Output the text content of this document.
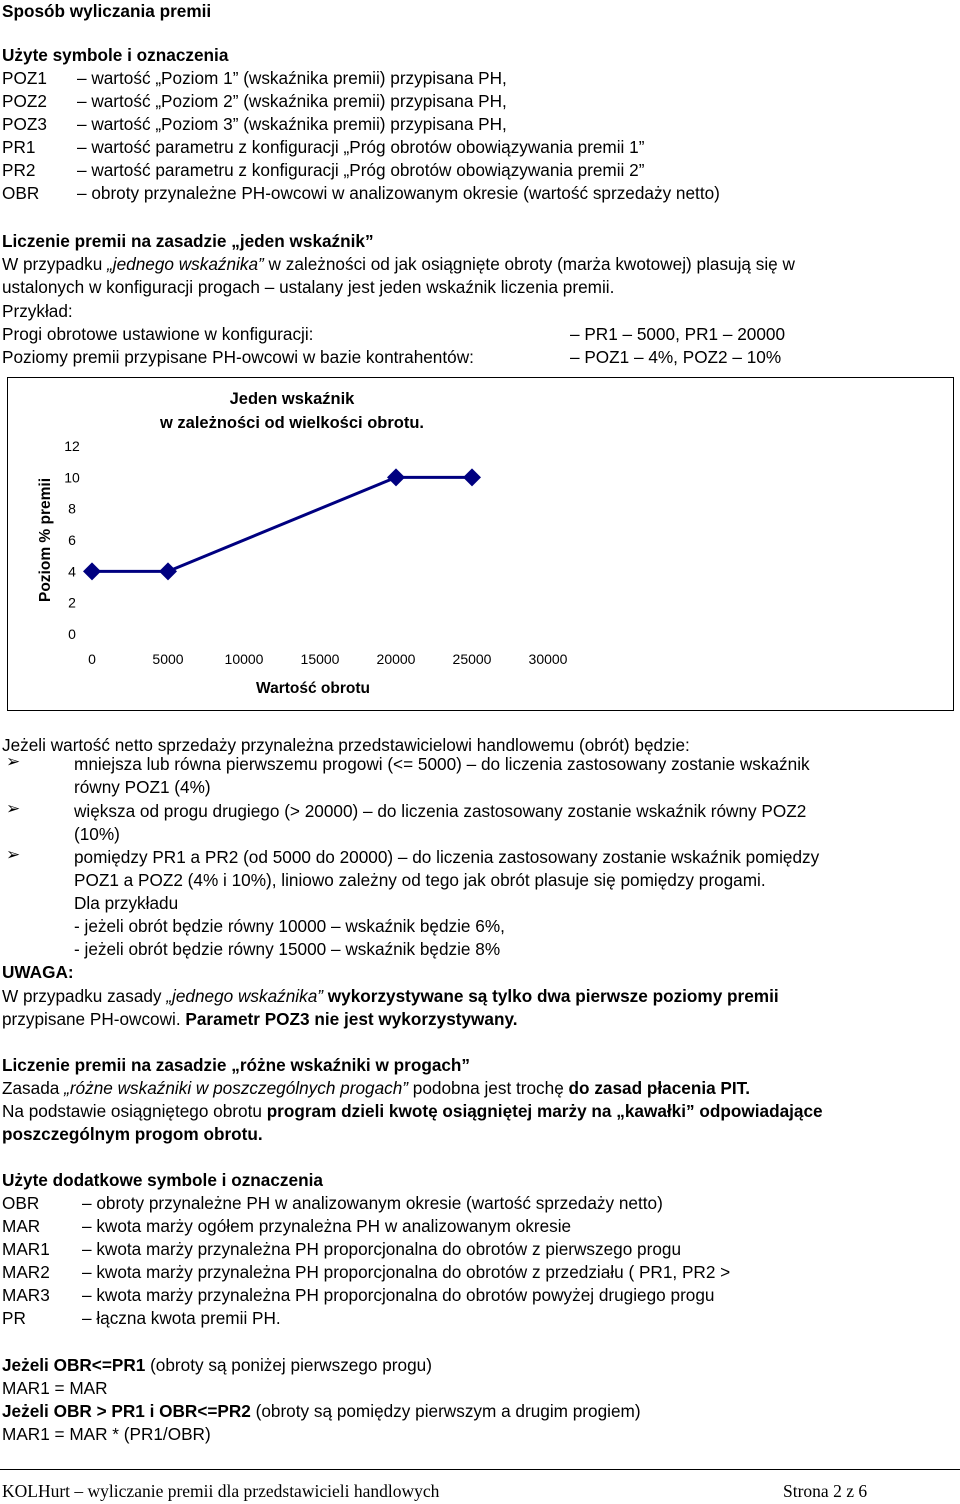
Sposób wyliczania premii
Użyte symbole i oznaczenia
POZ1 – wartość „Poziom 1” (wskaźnika premii) przypisana PH,
POZ2 – wartość „Poziom 2” (wskaźnika premii) przypisana PH,
POZ3 – wartość „Poziom 3” (wskaźnika premii) przypisana PH,
PR1 – wartość parametru z konfiguracji „Próg obrotów obowiązywania premii 1”
PR2 – wartość parametru z konfiguracji „Próg obrotów obowiązywania premii 2”
OBR – obroty przynależne PH-owcowi w analizowanym okresie (wartość sprzedaży netto)
Liczenie premii na zasadzie „jeden wskaźnik”
W przypadku „jednego wskaźnika” w zależności od jak osiągnięte obroty (marża kwotowej) plasują się w
ustalonych w konfiguracji progach – ustalany jest jeden wskaźnik liczenia premii.
Przykład:
Progi obrotowe ustawione w konfiguracji:	– PR1 – 5000, PR1 – 20000
Poziomy premii przypisane PH-owcowi w bazie kontrahentów:	– POZ1 – 4%, POZ2 – 10%
Jeden wskaźnik
w zależności od wielkości obrotu.
Poziom % premii
Wartość obrotu
0
2
4
6
8
10
12
0	5000	10000	15000	20000	25000	30000
Jeżeli wartość netto sprzedaży przynależna przedstawicielowi handlowemu (obrót) będzie:
➢	mniejsza lub równa pierwszemu progowi (<= 5000) – do liczenia zastosowany zostanie wskaźnik
równy POZ1 (4%)
➢	większa od progu drugiego (> 20000) – do liczenia zastosowany zostanie wskaźnik równy POZ2
(10%)
➢	pomiędzy PR1 a PR2 (od 5000 do 20000) – do liczenia zastosowany zostanie wskaźnik pomiędzy
POZ1 a POZ2 (4% i 10%), liniowo zależny od tego jak obrót plasuje się pomiędzy progami.
Dla przykładu
- jeżeli obrót będzie równy 10000 – wskaźnik będzie 6%,
- jeżeli obrót będzie równy 15000 – wskaźnik będzie 8%
UWAGA:
W przypadku zasady „jednego wskaźnika” wykorzystywane są tylko dwa pierwsze poziomy premii
przypisane PH-owcowi. Parametr POZ3 nie jest wykorzystywany.
Liczenie premii na zasadzie „różne wskaźniki w progach”
Zasada „różne wskaźniki w poszczególnych progach” podobna jest trochę do zasad płacenia PIT.
Na podstawie osiągniętego obrotu program dzieli kwotę osiągniętej marży na „kawałki” odpowiadające
poszczególnym progom obrotu.
Użyte dodatkowe symbole i oznaczenia
OBR – obroty przynależne PH w analizowanym okresie (wartość sprzedaży netto)
MAR – kwota marży ogółem przynależna PH w analizowanym okresie
MAR1 – kwota marży przynależna PH proporcjonalna do obrotów z pierwszego progu
MAR2 – kwota marży przynależna PH proporcjonalna do obrotów z przedziału ( PR1, PR2 >
MAR3 – kwota marży przynależna PH proporcjonalna do obrotów powyżej drugiego progu
PR	– łączna kwota premii PH.
Jeżeli OBR<=PR1 (obroty są poniżej pierwszego progu)
MAR1 = MAR
Jeżeli OBR > PR1 i OBR<=PR2 (obroty są pomiędzy pierwszym a drugim progiem)
MAR1 = MAR * (PR1/OBR)
KOLHurt – wyliczanie premii dla przedstawicieli handlowych	Strona 2 z 6
